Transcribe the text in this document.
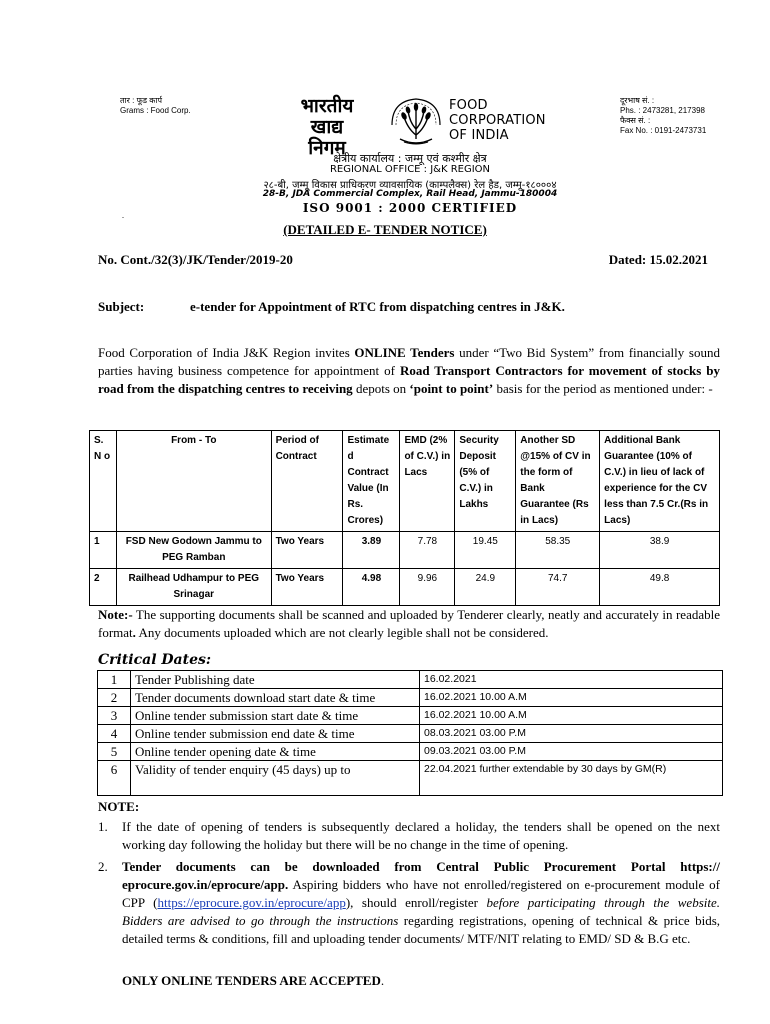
तार : फूड कार्प
Grams : Food Corp.	भारतीय
खाद्य
निगम
FOOD
CORPORATION
OF INDIA
दूरभाष सं. :
Phs. : 2473281, 217398
फैक्स सं. :
Fax No. : 0191-2473731
क्षेत्रीय कार्यालय : जम्मू एवं कश्मीर क्षेत्र
REGIONAL OFFICE : J&K REGION
२८-बी, जम्मू विकास प्राधिकरण व्यावसायिक (काम्पलैक्स) रेल हैड, जम्मू-१८०००४
28-B, JDA Commercial Complex, Rail Head, Jammu-180004
ISO 9001 : 2000 CERTIFIED
.
(DETAILED E- TENDER NOTICE)
No. Cont./32(3)/JK/Tender/2019-20	Dated: 15.02.2021
Subject:	e-tender for Appointment of RTC from dispatching centres in J&K.
Food Corporation of India J&K Region invites ONLINE Tenders under “Two Bid System” from financially sound parties having business competence for appointment of Road Transport Contractors for movement of stocks by road from the dispatching centres to receiving depots on ‘point to point’ basis for the period as mentioned under: -
S. N o	From - To	Period of Contract	Estimate d Contract Value (In Rs. Crores)	EMD (2% of C.V.) in Lacs	Security Deposit (5% of C.V.) in Lakhs	Another SD @15% of CV in the form of Bank Guarantee (Rs in Lacs)	Additional Bank Guarantee (10% of C.V.) in lieu of lack of experience for the CV less than 7.5 Cr.(Rs in Lacs)
1	FSD New Godown Jammu to PEG Ramban	Two Years	3.89	7.78	19.45	58.35	38.9
2	Railhead Udhampur to PEG Srinagar	Two Years	4.98	9.96	24.9	74.7	49.8
Note:- The supporting documents shall be scanned and uploaded by Tenderer clearly, neatly and accurately in readable format. Any documents uploaded which are not clearly legible shall not be considered.
Critical Dates:
1	Tender Publishing date	16.02.2021
2	Tender documents download start date & time	16.02.2021 10.00 A.M
3	Online tender submission start date & time	16.02.2021 10.00 A.M
4	Online tender submission end date & time	08.03.2021 03.00 P.M
5	Online tender opening date & time	09.03.2021 03.00 P.M
6	Validity of tender enquiry (45 days) up to	22.04.2021 further extendable by 30 days by GM(R)
NOTE:
1. If the date of opening of tenders is subsequently declared a holiday, the tenders shall be opened on the next working day following the holiday but there will be no change in the time of opening.
2. Tender documents can be downloaded from Central Public Procurement Portal https:// eprocure.gov.in/eprocure/app. Aspiring bidders who have not enrolled/registered on e-procurement module of CPP (https://eprocure.gov.in/eprocure/app), should enroll/register before participating through the website. Bidders are advised to go through the instructions regarding registrations, opening of technical & price bids, detailed terms & conditions, fill and uploading tender documents/ MTF/NIT relating to EMD/ SD & B.G etc.
ONLY ONLINE TENDERS ARE ACCEPTED.
